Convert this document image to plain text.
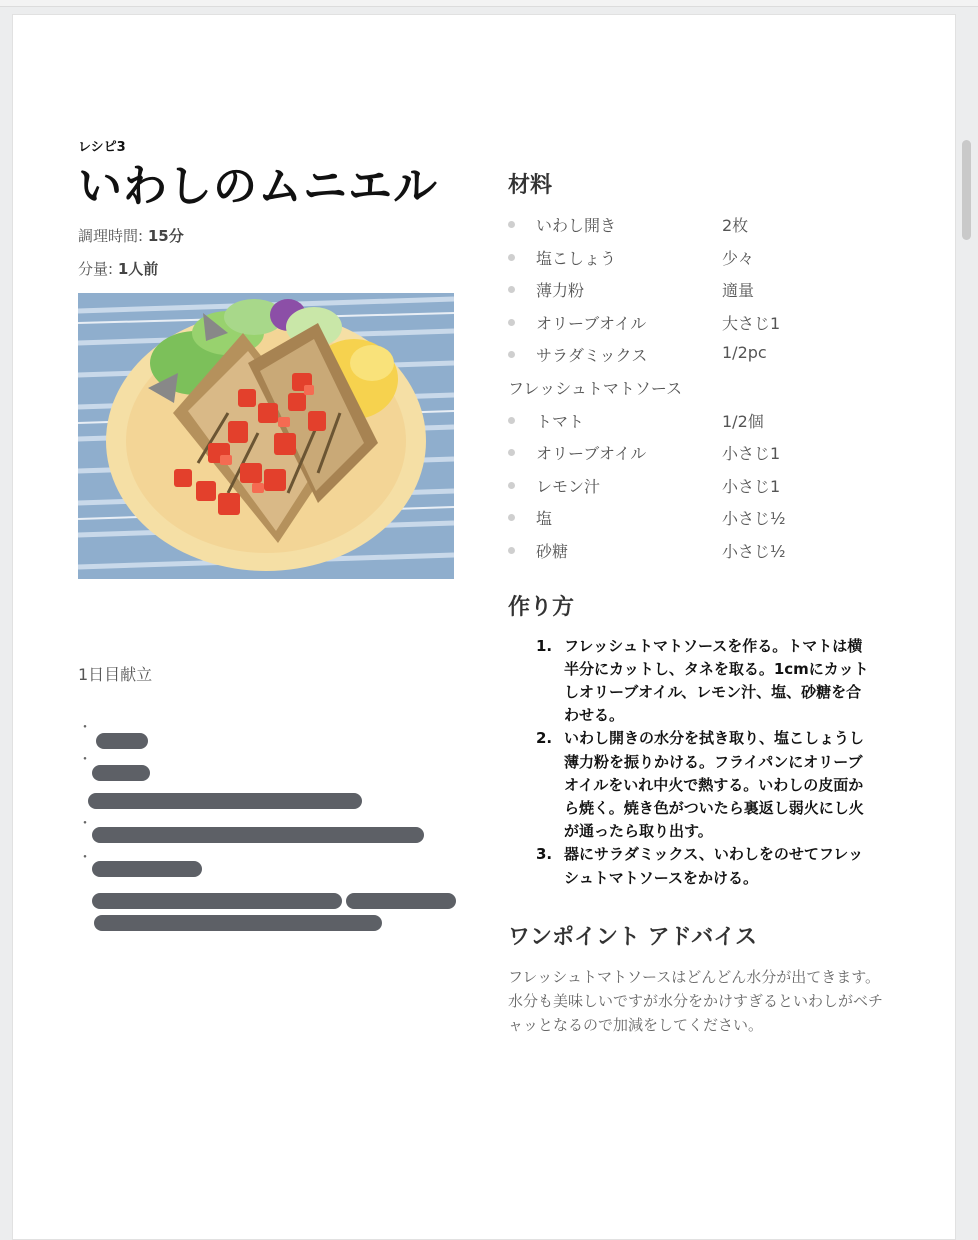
レシピ3

いわしのムニエル

調理時間: 15分

分量: 1人前

1日目献立

・
・
・
・
材料
いわし開き	2枚
塩こしょう	少々
薄力粉	適量
オリーブオイル	大さじ1
サラダミックス	1/2pc
フレッシュトマトソース
トマト	1/2個
オリーブオイル	小さじ1
レモン汁	小さじ1
塩	小さじ½
砂糖	小さじ½
作り方
1. フレッシュトマトソースを作る。トマトは横半分にカットし、タネを取る。1cmにカットしオリーブオイル、レモン汁、塩、砂糖を合わせる。
2. いわし開きの水分を拭き取り、塩こしょうし薄力粉を振りかける。フライパンにオリーブオイルをいれ中火で熱する。いわしの皮面から焼く。焼き色がついたら裏返し弱火にし火が通ったら取り出す。
3. 器にサラダミックス、いわしをのせてフレッシュトマトソースをかける。
ワンポイント アドバイス

フレッシュトマトソースはどんどん水分が出てきます。水分も美味しいですが水分をかけすぎるといわしがベチャッとなるので加減をしてください。
